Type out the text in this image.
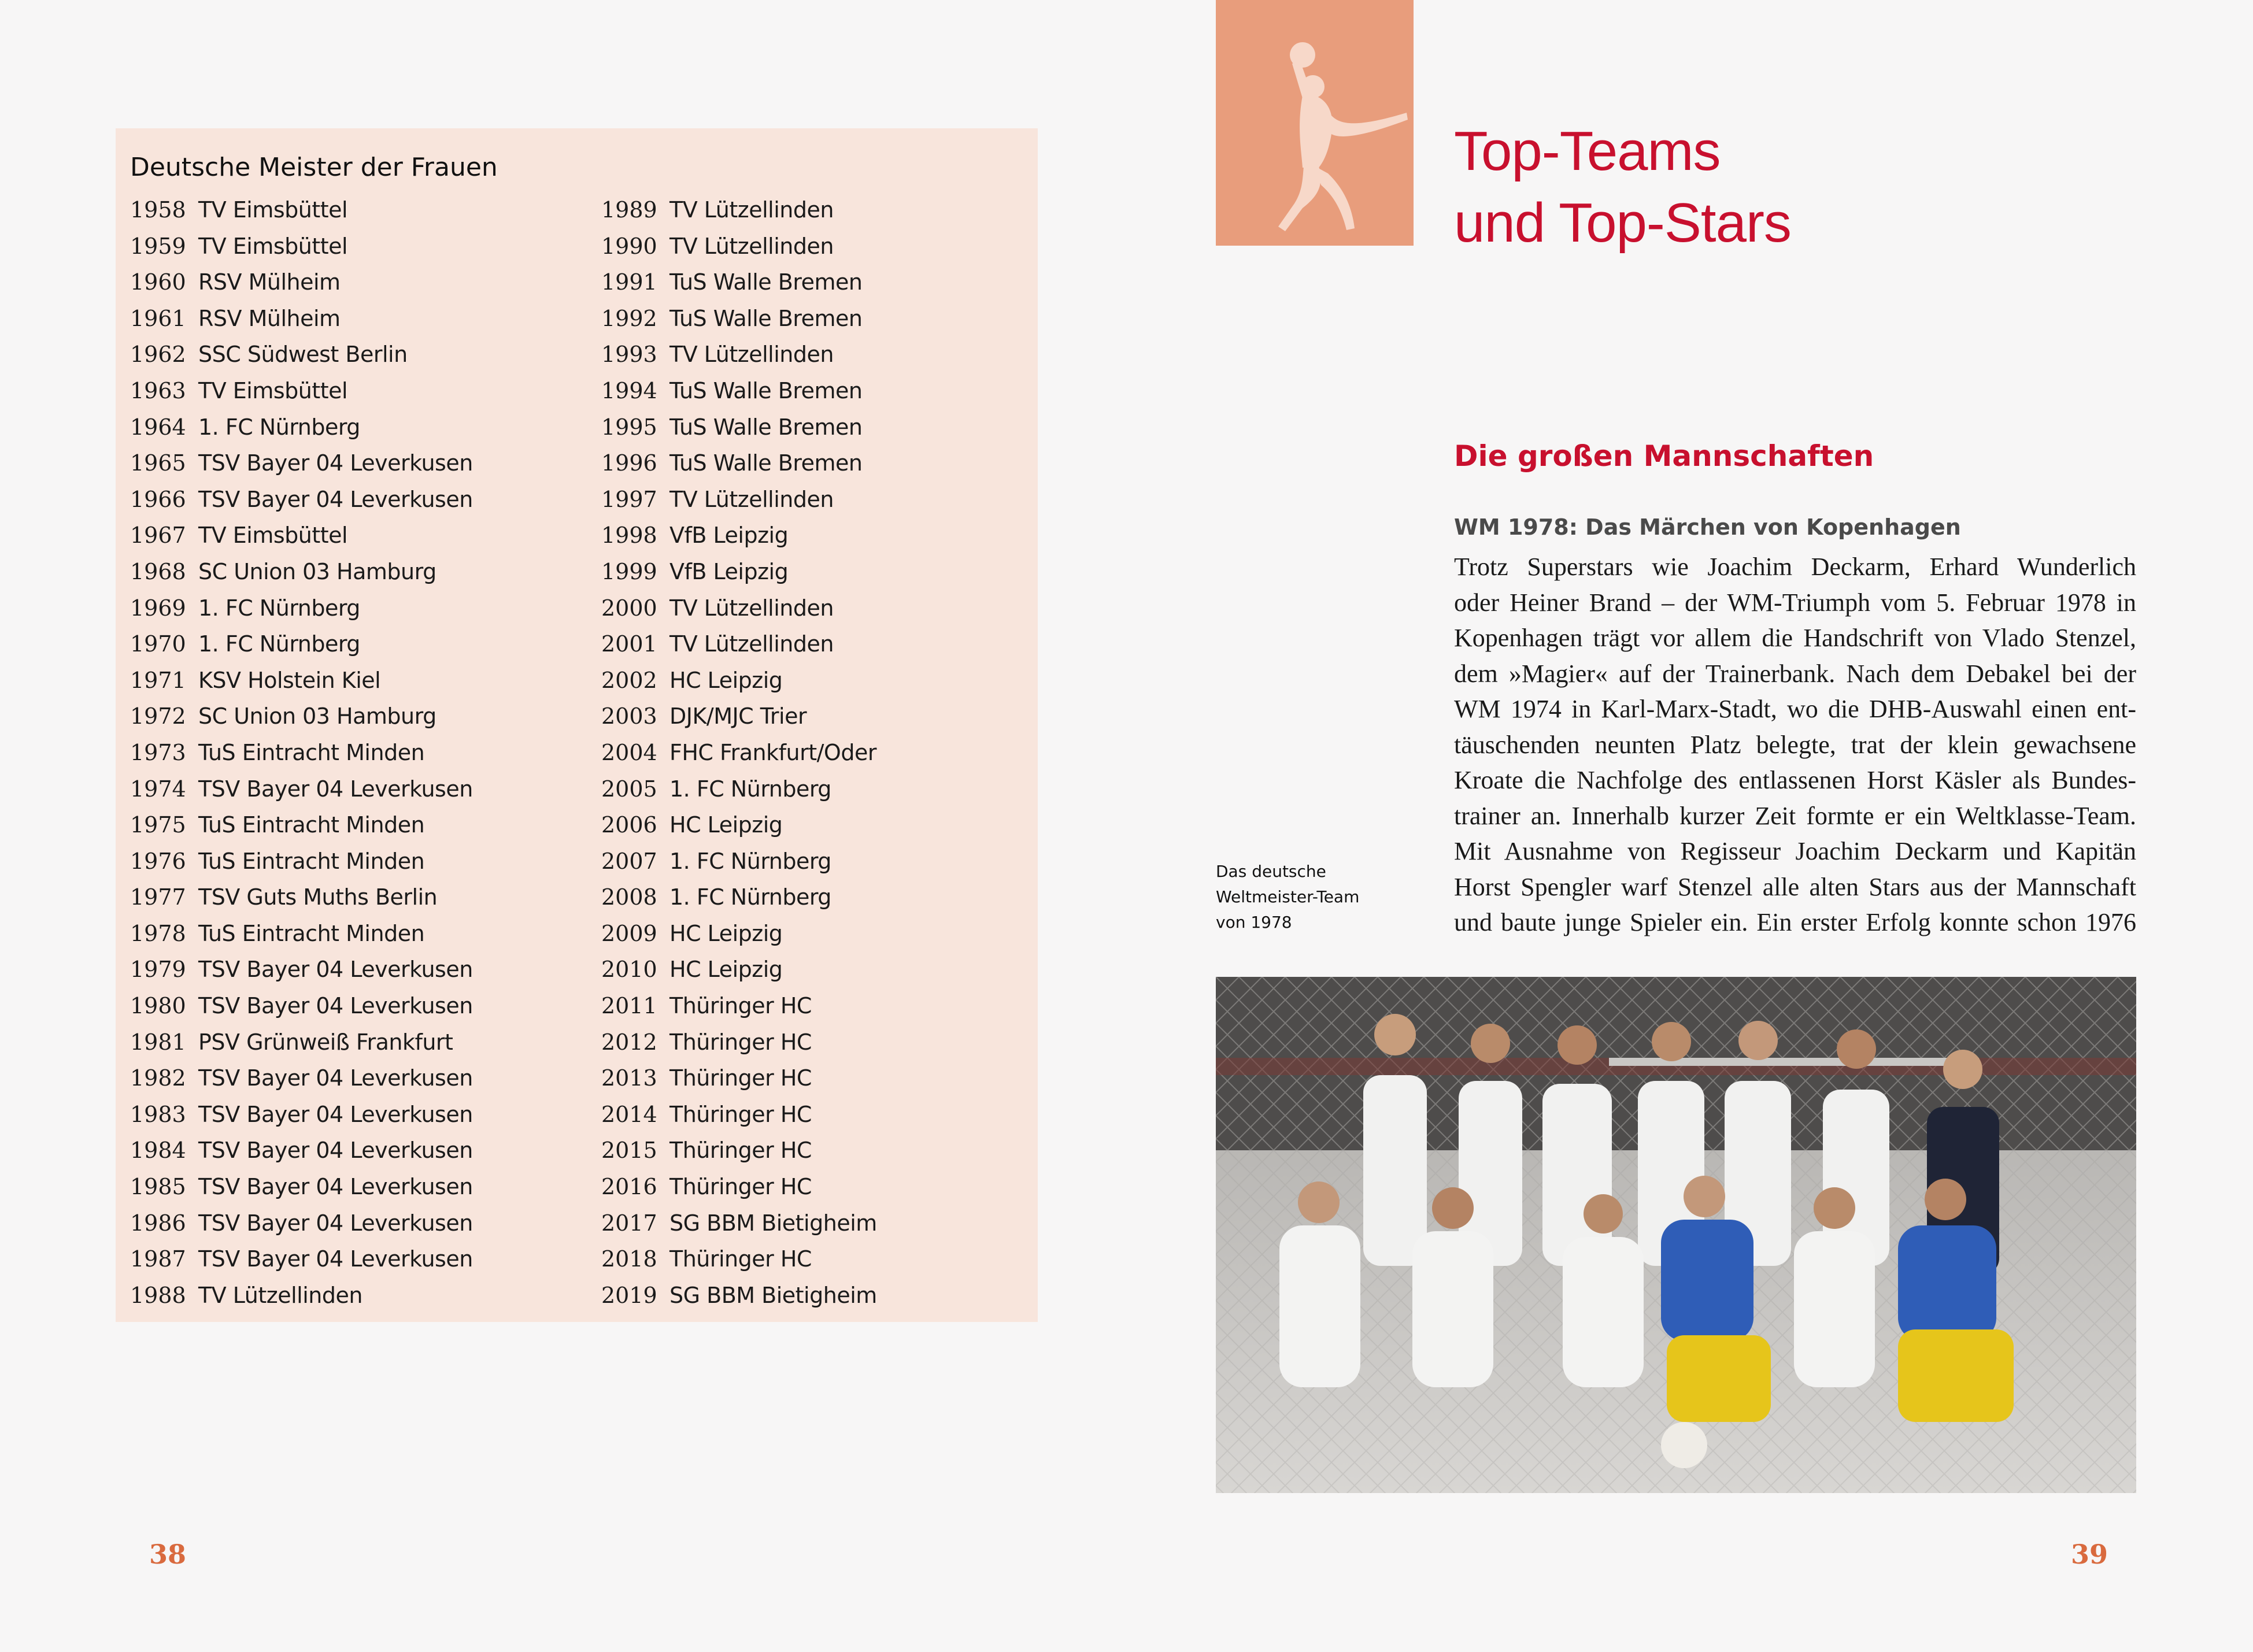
Deutsche Meister der Frauen
1958 TV Eimsbüttel
1959 TV Eimsbüttel
1960 RSV Mülheim
1961 RSV Mülheim
1962 SSC Südwest Berlin
1963 TV Eimsbüttel
1964 1. FC Nürnberg
1965 TSV Bayer 04 Leverkusen
1966 TSV Bayer 04 Leverkusen
1967 TV Eimsbüttel
1968 SC Union 03 Hamburg
1969 1. FC Nürnberg
1970 1. FC Nürnberg
1971 KSV Holstein Kiel
1972 SC Union 03 Hamburg
1973 TuS Eintracht Minden
1974 TSV Bayer 04 Leverkusen
1975 TuS Eintracht Minden
1976 TuS Eintracht Minden
1977 TSV Guts Muths Berlin
1978 TuS Eintracht Minden
1979 TSV Bayer 04 Leverkusen
1980 TSV Bayer 04 Leverkusen
1981 PSV Grünweiß Frankfurt
1982 TSV Bayer 04 Leverkusen
1983 TSV Bayer 04 Leverkusen
1984 TSV Bayer 04 Leverkusen
1985 TSV Bayer 04 Leverkusen
1986 TSV Bayer 04 Leverkusen
1987 TSV Bayer 04 Leverkusen
1988 TV Lützellinden
1989 TV Lützellinden
1990 TV Lützellinden
1991 TuS Walle Bremen
1992 TuS Walle Bremen
1993 TV Lützellinden
1994 TuS Walle Bremen
1995 TuS Walle Bremen
1996 TuS Walle Bremen
1997 TV Lützellinden
1998 VfB Leipzig
1999 VfB Leipzig
2000 TV Lützellinden
2001 TV Lützellinden
2002 HC Leipzig
2003 DJK/MJC Trier
2004 FHC Frankfurt/Oder
2005 1. FC Nürnberg
2006 HC Leipzig
2007 1. FC Nürnberg
2008 1. FC Nürnberg
2009 HC Leipzig
2010 HC Leipzig
2011 Thüringer HC
2012 Thüringer HC
2013 Thüringer HC
2014 Thüringer HC
2015 Thüringer HC
2016 Thüringer HC
2017 SG BBM Bietigheim
2018 Thüringer HC
2019SG BBM Bietigheim
38
Top-Teams
und Top-Stars
Die großen Mannschaften
WM 1978: Das Märchen von Kopenhagen
Trotz Superstars wie Joachim Deckarm, Erhard Wunderlich
oder Heiner Brand – der WM-Triumph vom 5. Februar 1978 in
Kopenhagen trägt vor allem die Handschrift von Vlado Stenzel,
dem »Magier« auf der Trainerbank. Nach dem Debakel bei der
WM 1974 in Karl-Marx-Stadt, wo die DHB-Auswahl einen ent-
täuschenden neunten Platz belegte, trat der klein gewachsene
Kroate die Nachfolge des entlassenen Horst Käsler als Bundes-
trainer an. Innerhalb kurzer Zeit formte er ein Weltklasse-Team.
Mit Ausnahme von Regisseur Joachim Deckarm und Kapitän
Horst Spengler warf Stenzel alle alten Stars aus der Mannschaft
und baute junge Spieler ein. Ein erster Erfolg konnte schon 1976
Das deutsche
Weltmeister-Team
von 1978
39
